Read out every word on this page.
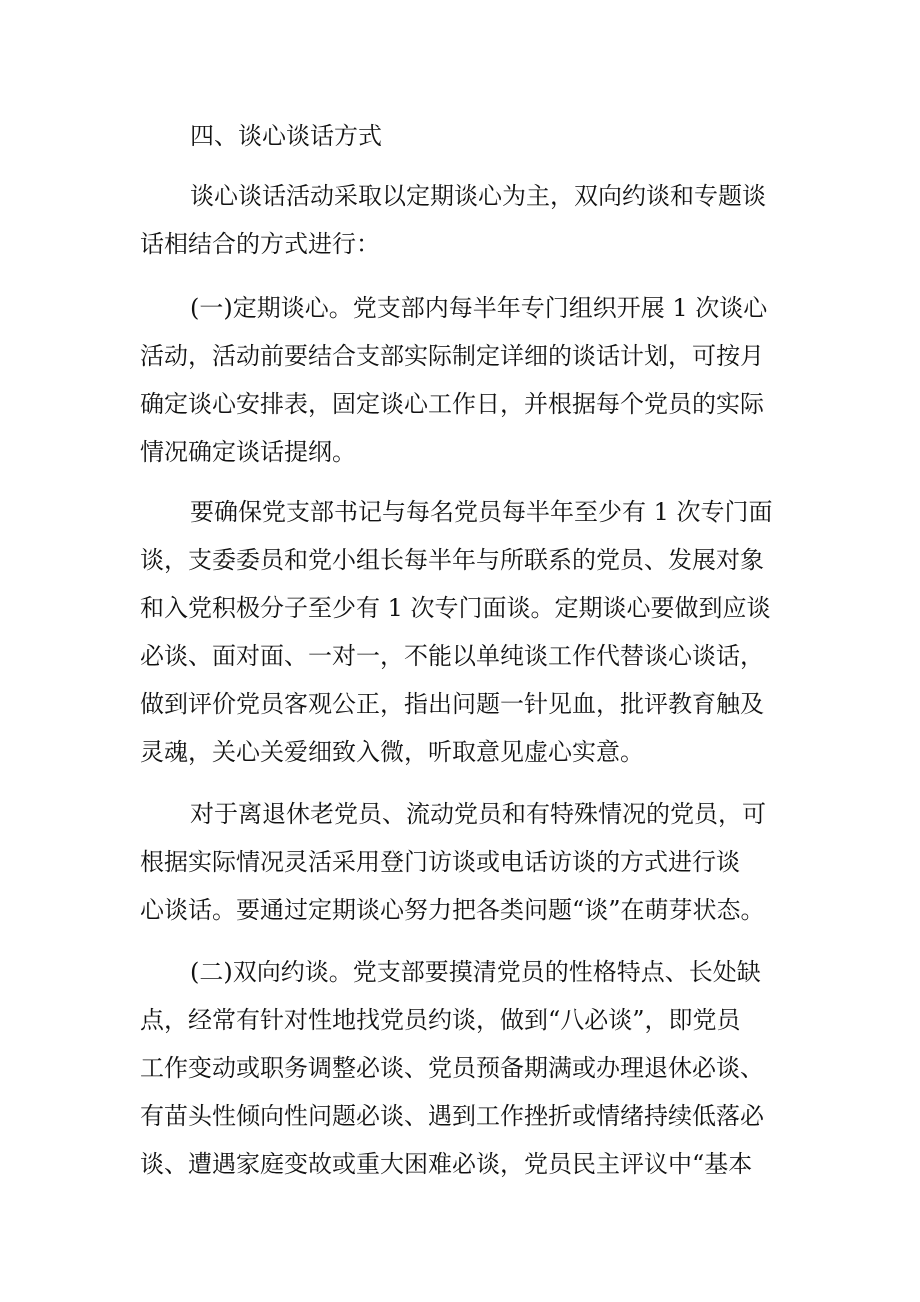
四、谈心谈话方式
谈心谈话活动采取以定期谈心为主，双向约谈和专题谈
话相结合的方式进行：
(一)定期谈心。党支部内每半年专门组织开展 1 次谈心
活动，活动前要结合支部实际制定详细的谈话计划，可按月
确定谈心安排表，固定谈心工作日，并根据每个党员的实际
情况确定谈话提纲。
要确保党支部书记与每名党员每半年至少有 1 次专门面
谈，支委委员和党小组长每半年与所联系的党员、发展对象
和入党积极分子至少有 1 次专门面谈。定期谈心要做到应谈
必谈、面对面、一对一，不能以单纯谈工作代替谈心谈话，
做到评价党员客观公正，指出问题一针见血，批评教育触及
灵魂，关心关爱细致入微，听取意见虚心实意。
对于离退休老党员、流动党员和有特殊情况的党员，可
根据实际情况灵活采用登门访谈或电话访谈的方式进行谈
心谈话。要通过定期谈心努力把各类问题“谈”在萌芽状态。
(二)双向约谈。党支部要摸清党员的性格特点、长处缺
点，经常有针对性地找党员约谈，做到“八必谈”，即党员
工作变动或职务调整必谈、党员预备期满或办理退休必谈、
有苗头性倾向性问题必谈、遇到工作挫折或情绪持续低落必
谈、遭遇家庭变故或重大困难必谈，党员民主评议中“基本
